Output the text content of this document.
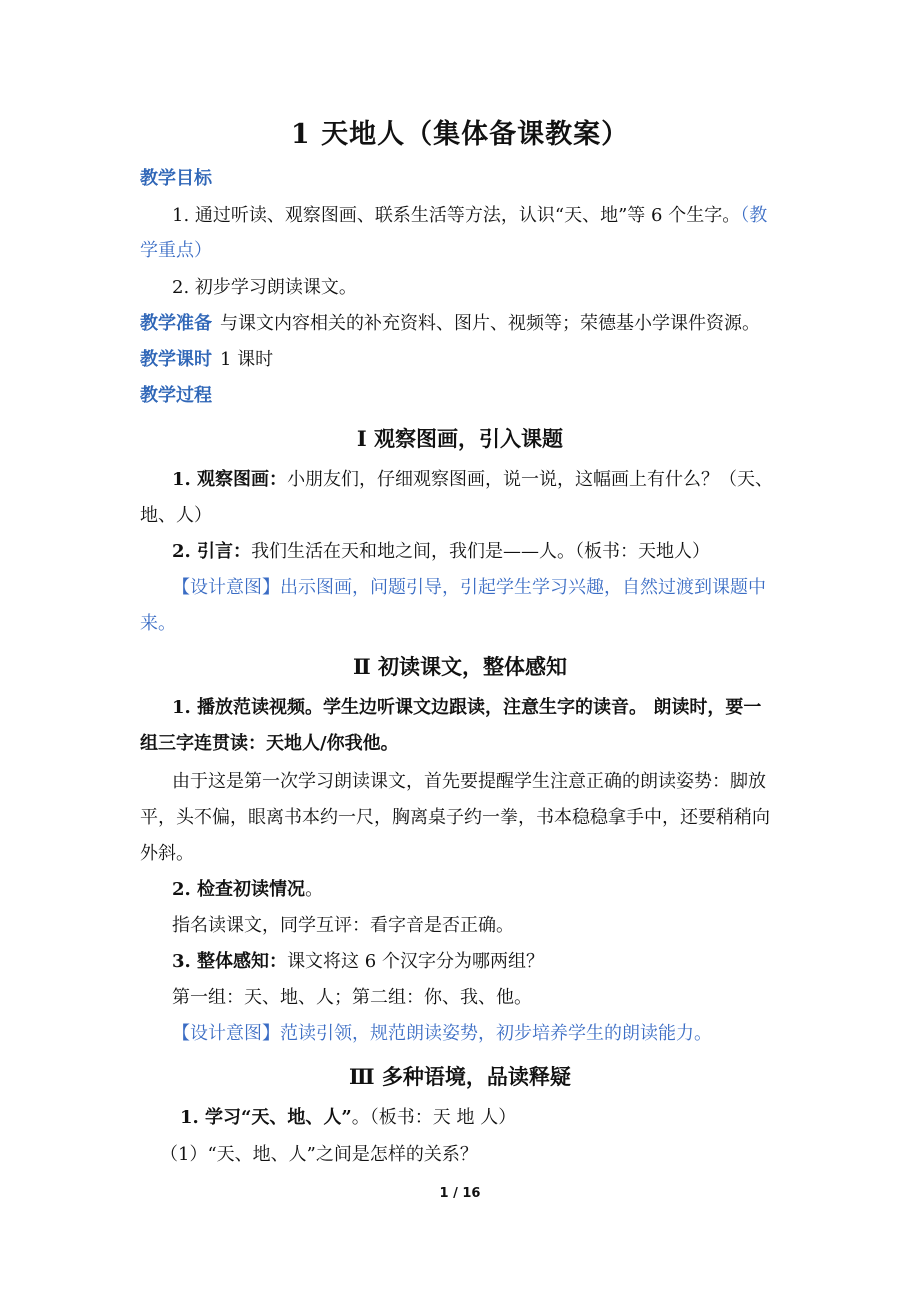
1 天地人（集体备课教案）
教学目标
1. 通过听读、观察图画、联系生活等方法，认识“天、地”等 6 个生字。（教
学重点）
2. 初步学习朗读课文。
教学准备 与课文内容相关的补充资料、图片、视频等；荣德基小学课件资源。
教学课时 1 课时
教学过程
Ⅰ 观察图画，引入课题
1. 观察图画：小朋友们，仔细观察图画，说一说，这幅画上有什么？（天、
地、人）
2. 引言：我们生活在天和地之间，我们是——人。（板书：天地人）
【设计意图】出示图画，问题引导，引起学生学习兴趣，自然过渡到课题中
来。
Ⅱ 初读课文，整体感知
1. 播放范读视频。学生边听课文边跟读，注意生字的读音。 朗读时，要一
组三字连贯读：天地人/你我他。
由于这是第一次学习朗读课文，首先要提醒学生注意正确的朗读姿势：脚放
平，头不偏，眼离书本约一尺，胸离桌子约一拳，书本稳稳拿手中，还要稍稍向
外斜。
2. 检查初读情况。
指名读课文，同学互评：看字音是否正确。
3. 整体感知：课文将这 6 个汉字分为哪两组？
第一组：天、地、人；第二组：你、我、他。
【设计意图】范读引领，规范朗读姿势，初步培养学生的朗读能力。
Ⅲ 多种语境，品读释疑
1. 学习“天、地、人”。（板书：天 地 人）
（1）“天、地、人”之间是怎样的关系？
1 / 16
